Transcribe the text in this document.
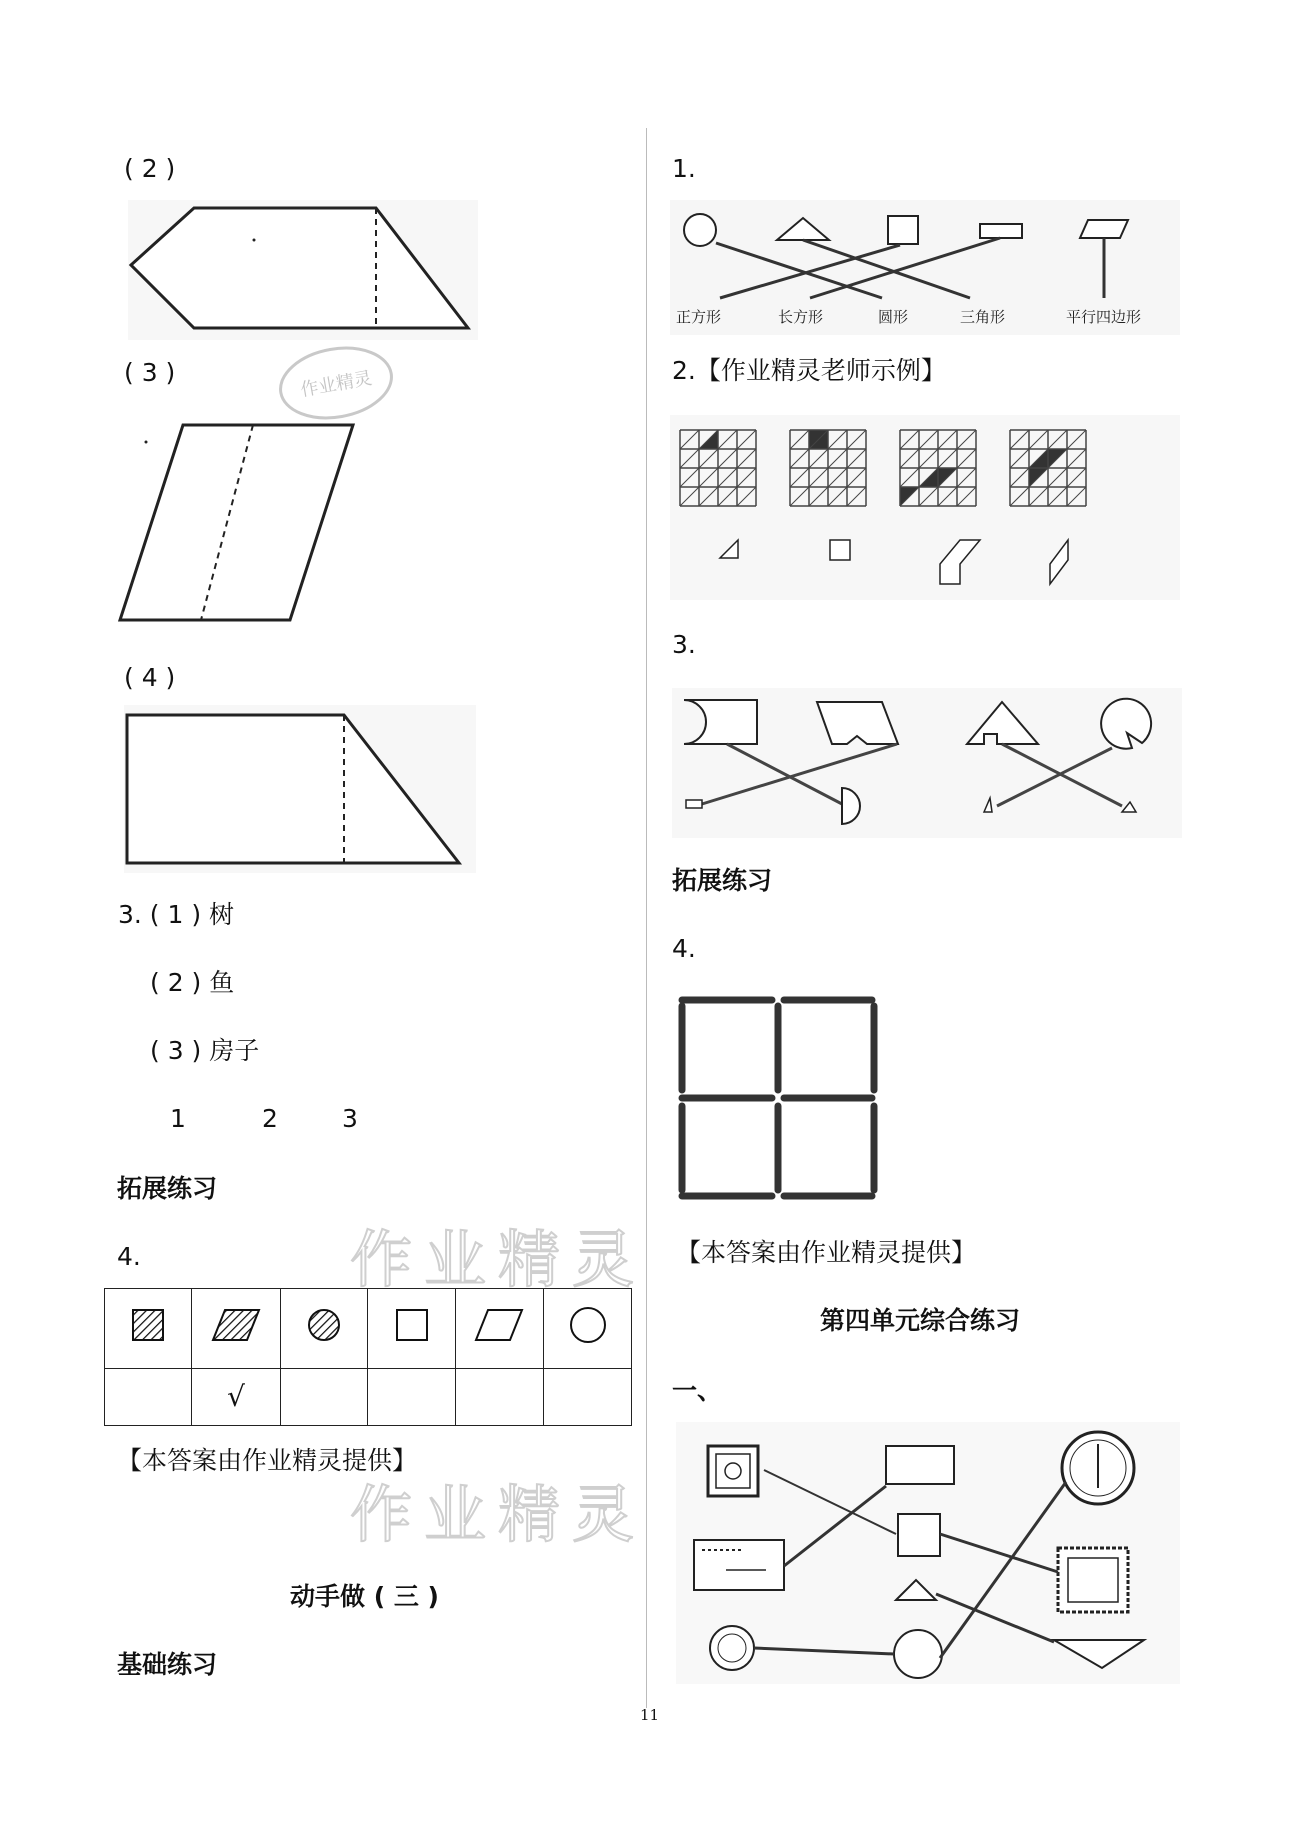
( 2 )
( 3 )	作业精灵
( 4 )
3. ( 1 ) 树
( 2 ) 鱼
( 3 ) 房子
1	2	3
拓展练习
4.

	√				
【本答案由作业精灵提供】
动手做 ( 三 )
基础练习
1.
正方形	长方形	圆形	三角形	平行四边形
2.【作业精灵老师示例】
3.
拓展练习
4.
【本答案由作业精灵提供】
第四单元综合练习
一、
作业精灵
作业精灵
11
